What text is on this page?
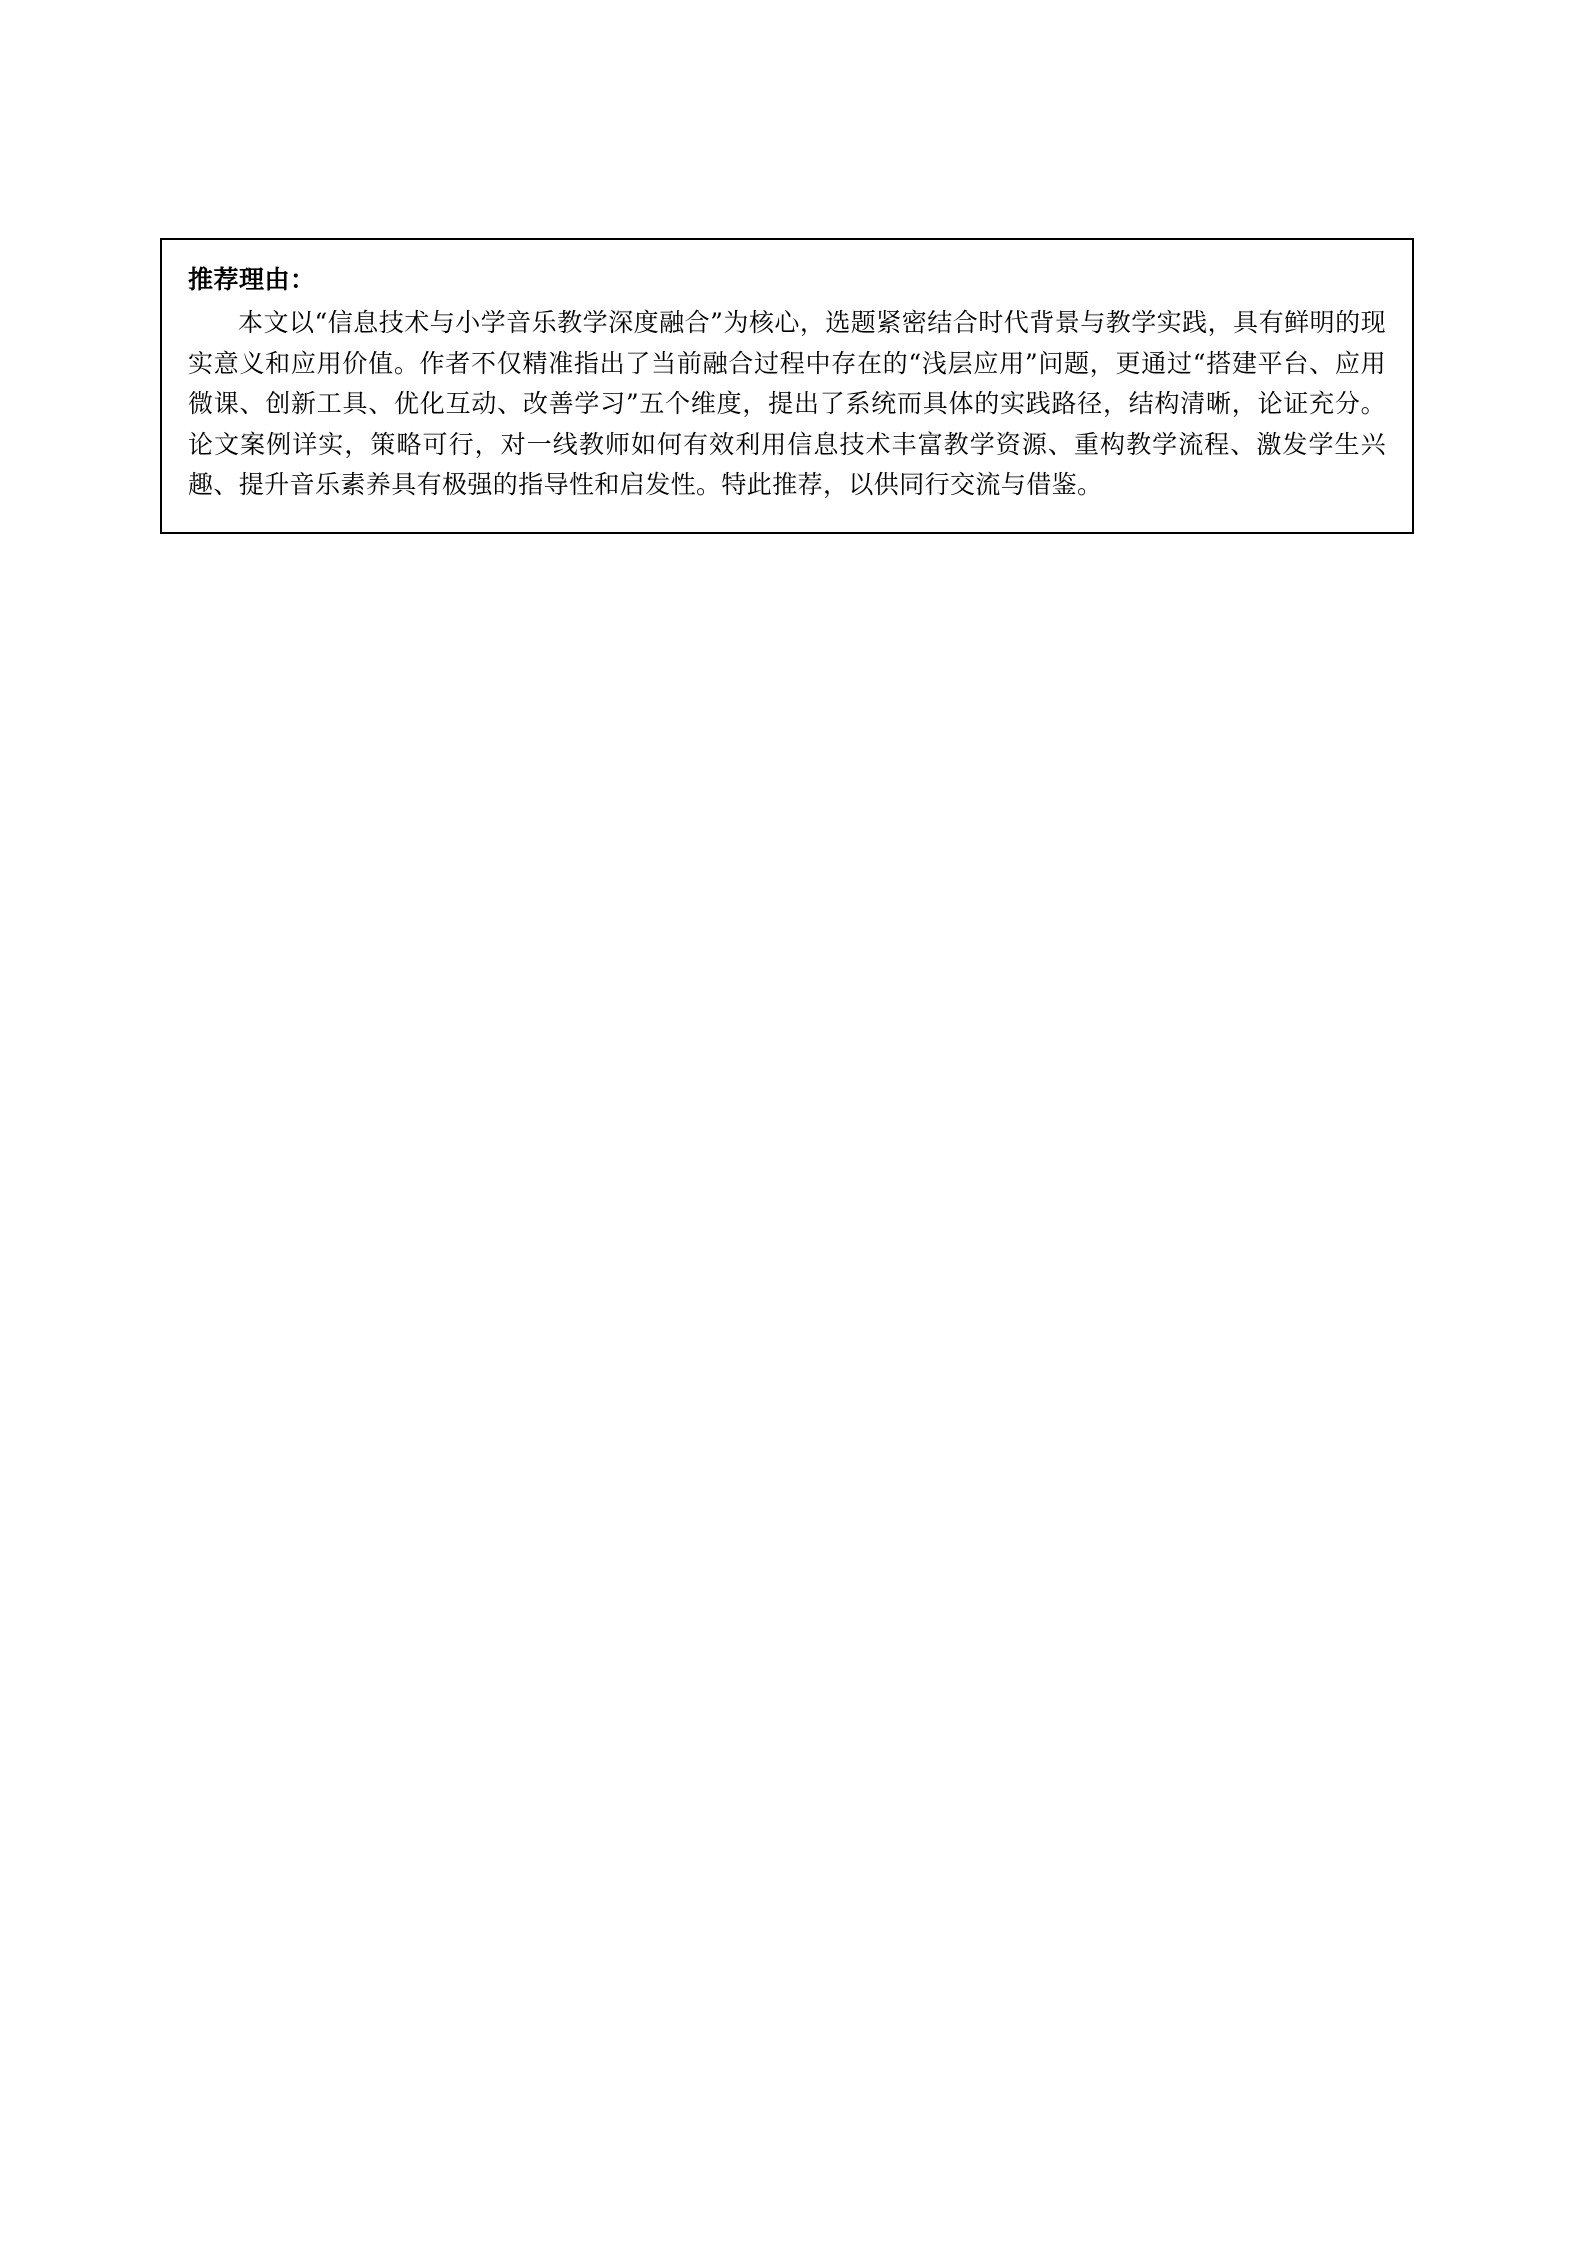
推荐理由：
本文以“信息技术与小学音乐教学深度融合”为核心，选题紧密结合时代背景与教学实践，具有鲜明的现实意义和应用价值。作者不仅精准指出了当前融合过程中存在的“浅层应用”问题，更通过“搭建平台、应用微课、创新工具、优化互动、改善学习”五个维度，提出了系统而具体的实践路径，结构清晰，论证充分。论文案例详实，策略可行，对一线教师如何有效利用信息技术丰富教学资源、重构教学流程、激发学生兴趣、提升音乐素养具有极强的指导性和启发性。特此推荐，以供同行交流与借鉴。
